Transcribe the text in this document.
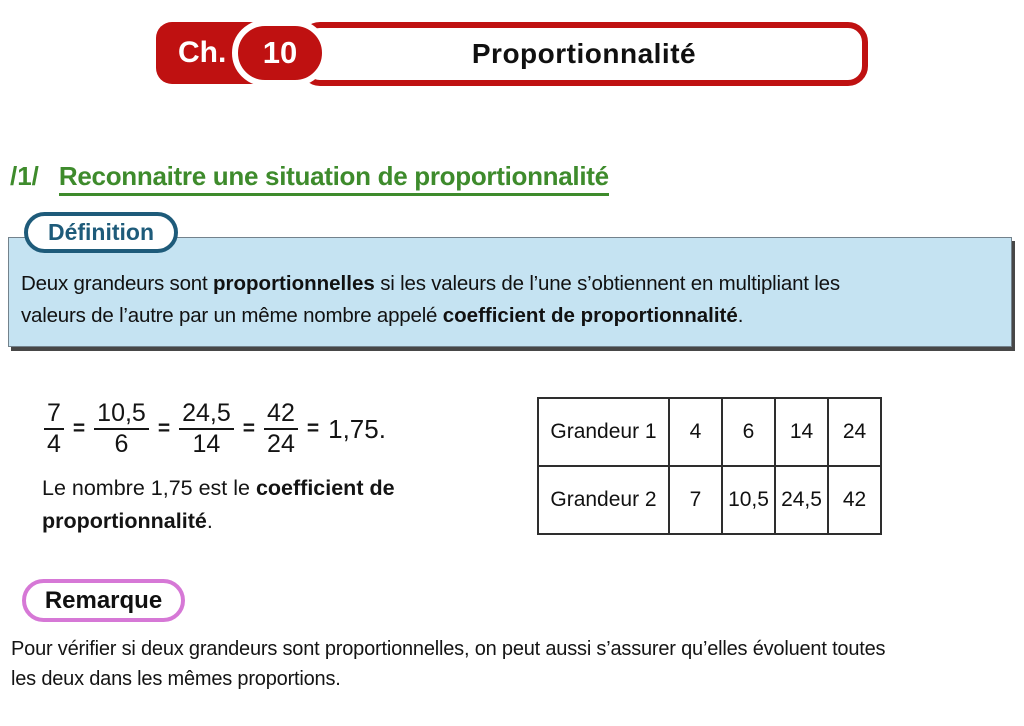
Proportionnalité
Ch. 10
/1/ Reconnaitre une situation de proportionnalité
Définition
Deux grandeurs sont proportionnelles si les valeurs de l’une s’obtiennent en multipliant les
valeurs de l’autre par un même nombre appelé coefficient de proportionnalité.
$\frac{7}{4} = \frac{10,5}{6} = \frac{24,5}{14} = \frac{42}{24} = 1,75$.
Le nombre 1,75 est le coefficient de
proportionnalité.
Grandeur 1	4	6	14	24
Grandeur 2	7	10,5	24,5	42
Remarque
Pour vérifier si deux grandeurs sont proportionnelles, on peut aussi s’assurer qu’elles évoluent toutes
les deux dans les mêmes proportions.
